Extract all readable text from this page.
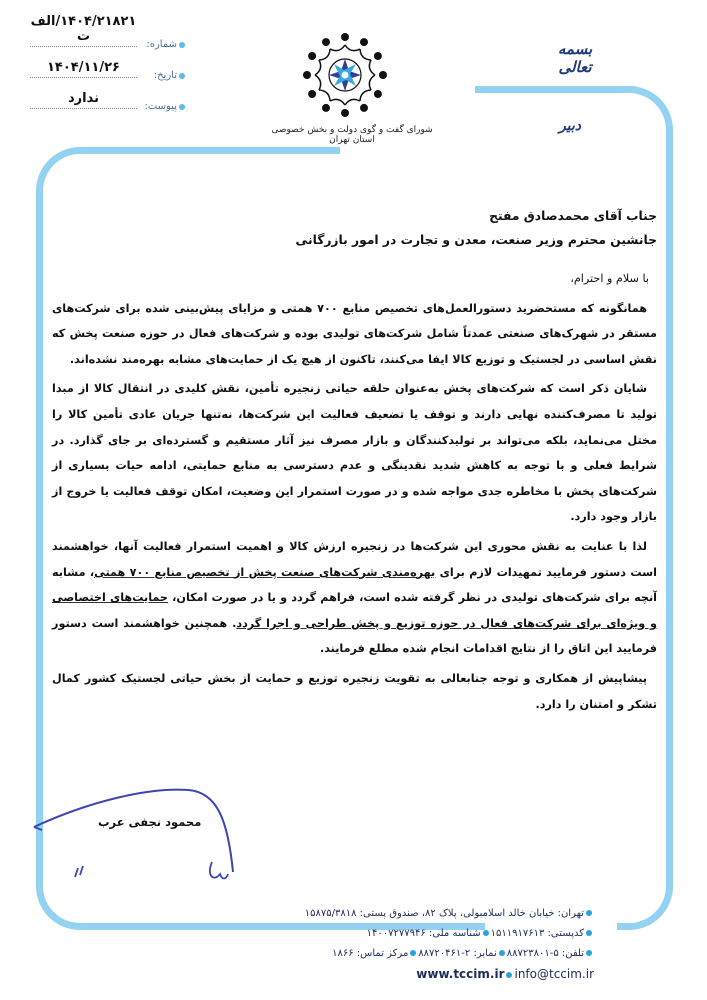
بسمه تعالی
دبیر
شورای گفت و گوی دولت و بخش خصوصی استان تهران
۱۴۰۴/۲۱۸۲۱/الف ت
شماره:
۱۴۰۴/۱۱/۲۶
تاریخ:
ندارد
پیوست:

جناب آقای محمدصادق مفتح

جانشین محترم وزیر صنعت، معدن و تجارت در امور بازرگانی

با سلام و احترام،

همانگونه که مستحضرید دستورالعمل‌های تخصیص منابع ۷۰۰ همتی و مزایای پیش‌بینی شده برای شرکت‌های مستقر در شهرک‌های صنعتی عمدتاً شامل شرکت‌های تولیدی بوده و شرکت‌های فعال در حوزه صنعت پخش که نقش اساسی در لجستیک و توزیع کالا ایفا می‌کنند، تاکنون از هیچ یک از حمایت‌های مشابه بهره‌مند نشده‌اند.

شایان ذکر است که شرکت‌های پخش به‌عنوان حلقه حیاتی زنجیره تأمین، نقش کلیدی در انتقال کالا از مبدا تولید تا مصرف‌کننده نهایی دارند و توقف یا تضعیف فعالیت این شرکت‌ها، نه‌تنها جریان عادی تأمین کالا را مختل می‌نماید، بلکه می‌تواند بر تولیدکنندگان و بازار مصرف نیز آثار مستقیم و گسترده‌ای بر جای گذارد. در شرایط فعلی و با توجه به کاهش شدید نقدینگی و عدم دسترسی به منابع حمایتی، ادامه حیات بسیاری از شرکت‌های پخش با مخاطره جدی مواجه شده و در صورت استمرار این وضعیت، امکان توقف فعالیت یا خروج از بازار وجود دارد.

لذا با عنایت به نقش محوری این شرکت‌ها در زنجیره ارزش کالا و اهمیت استمرار فعالیت آنها، خواهشمند است دستور فرمایید تمهیدات لازم برای بهره‌مندی شرکت‌های صنعت پخش از تخصیص منابع ۷۰۰ همتی، مشابه آنچه برای شرکت‌های تولیدی در نظر گرفته شده است، فراهم گردد و یا در صورت امکان، حمایت‌های اختصاصی و ویژه‌ای برای شرکت‌های فعال در حوزه توزیع و پخش طراحی و اجرا گردد. همچنین خواهشمند است دستور فرمایید این اتاق را از نتایج اقدامات انجام شده مطلع فرمایند.

پیشاپیش از همکاری و توجه جنابعالی به تقویت زنجیره توزیع و حمایت از بخش حیاتی لجستیک کشور کمال تشکر و امتنان را دارد.

محمود نجفی عرب
تهران: خیابان خالد اسلامبولی، پلاک ۸۲، صندوق پستی: ۱۵۸۷۵/۳۸۱۸
کدپستی: ۱۵۱۱۹۱۷۶۱۳شناسه ملی: ۱۴۰۰۷۲۷۷۹۴۶
تلفن: ۵-۸۸۷۲۳۸۰۱نمابر: ۲-۸۸۷۲۰۴۶۱مرکز تماس: ۱۸۶۶
www.tccim.ir info@tccim.ir
